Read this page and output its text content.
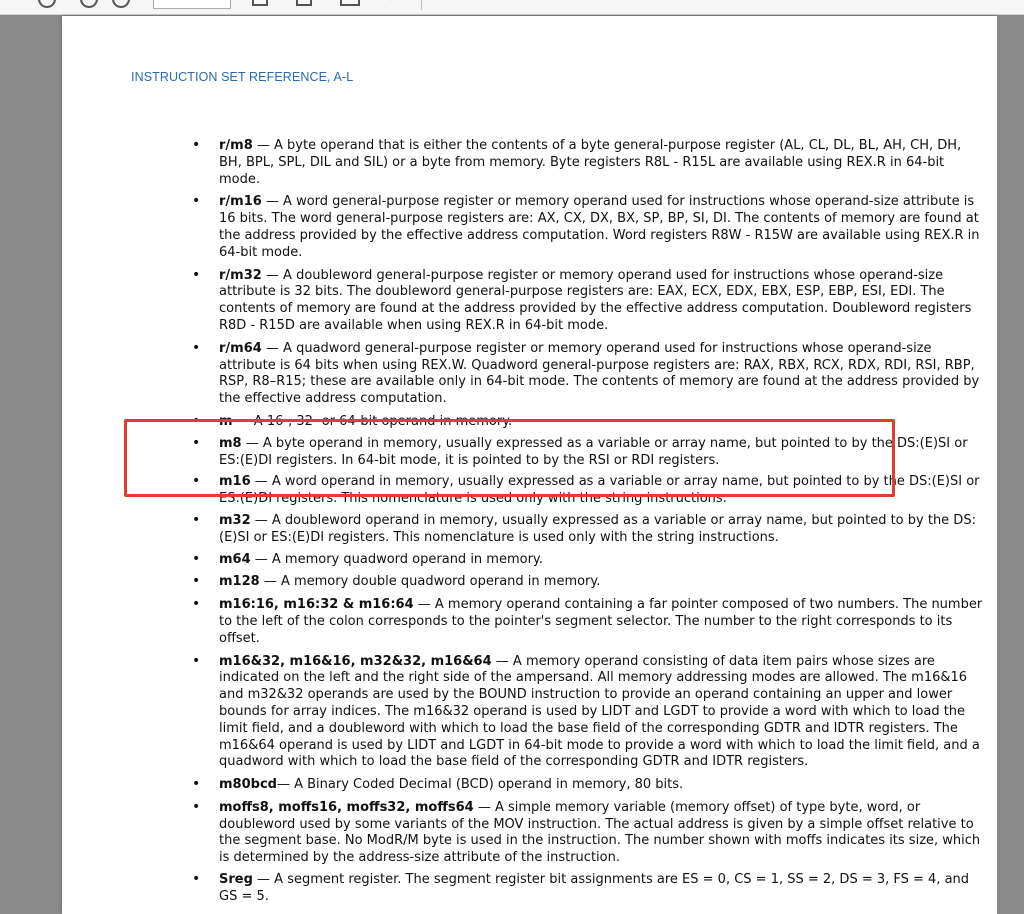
INSTRUCTION SET REFERENCE, A-L
• r/m8 — A byte operand that is either the contents of a byte general-purpose register (AL, CL, DL, BL, AH, CH, DH, BH, BPL, SPL, DIL and SIL) or a byte from memory. Byte registers R8L - R15L are available using REX.R in 64-bit mode.
• r/m16 — A word general-purpose register or memory operand used for instructions whose operand-size attribute is 16 bits. The word general-purpose registers are: AX, CX, DX, BX, SP, BP, SI, DI. The contents of memory are found at the address provided by the effective address computation. Word registers R8W - R15W are available using REX.R in 64-bit mode.
• r/m32 — A doubleword general-purpose register or memory operand used for instructions whose operand-size attribute is 32 bits. The doubleword general-purpose registers are: EAX, ECX, EDX, EBX, ESP, EBP, ESI, EDI. The contents of memory are found at the address provided by the effective address computation. Doubleword registers R8D - R15D are available when using REX.R in 64-bit mode.
• r/m64 — A quadword general-purpose register or memory operand used for instructions whose operand-size attribute is 64 bits when using REX.W. Quadword general-purpose registers are: RAX, RBX, RCX, RDX, RDI, RSI, RBP, RSP, R8–R15; these are available only in 64-bit mode. The contents of memory are found at the address provided by the effective address computation.
• m — A 16-, 32- or 64-bit operand in memory.
• m8 — A byte operand in memory, usually expressed as a variable or array name, but pointed to by the DS:(E)SI or ES:(E)DI registers. In 64-bit mode, it is pointed to by the RSI or RDI registers.
• m16 — A word operand in memory, usually expressed as a variable or array name, but pointed to by the DS:(E)SI or ES:(E)DI registers. This nomenclature is used only with the string instructions.
• m32 — A doubleword operand in memory, usually expressed as a variable or array name, but pointed to by the DS:(E)SI or ES:(E)DI registers. This nomenclature is used only with the string instructions.
• m64 — A memory quadword operand in memory.
• m128 — A memory double quadword operand in memory.
• m16:16, m16:32 & m16:64 — A memory operand containing a far pointer composed of two numbers. The number to the left of the colon corresponds to the pointer's segment selector. The number to the right corresponds to its offset.
• m16&32, m16&16, m32&32, m16&64 — A memory operand consisting of data item pairs whose sizes are indicated on the left and the right side of the ampersand. All memory addressing modes are allowed. The m16&16 and m32&32 operands are used by the BOUND instruction to provide an operand containing an upper and lower bounds for array indices. The m16&32 operand is used by LIDT and LGDT to provide a word with which to load the limit field, and a doubleword with which to load the base field of the corresponding GDTR and IDTR registers. The m16&64 operand is used by LIDT and LGDT in 64-bit mode to provide a word with which to load the limit field, and a quadword with which to load the base field of the corresponding GDTR and IDTR registers.
• m80bcd— A Binary Coded Decimal (BCD) operand in memory, 80 bits.
• moffs8, moffs16, moffs32, moffs64 — A simple memory variable (memory offset) of type byte, word, or doubleword used by some variants of the MOV instruction. The actual address is given by a simple offset relative to the segment base. No ModR/M byte is used in the instruction. The number shown with moffs indicates its size, which is determined by the address-size attribute of the instruction.
• Sreg — A segment register. The segment register bit assignments are ES = 0, CS = 1, SS = 2, DS = 3, FS = 4, and GS = 5.
